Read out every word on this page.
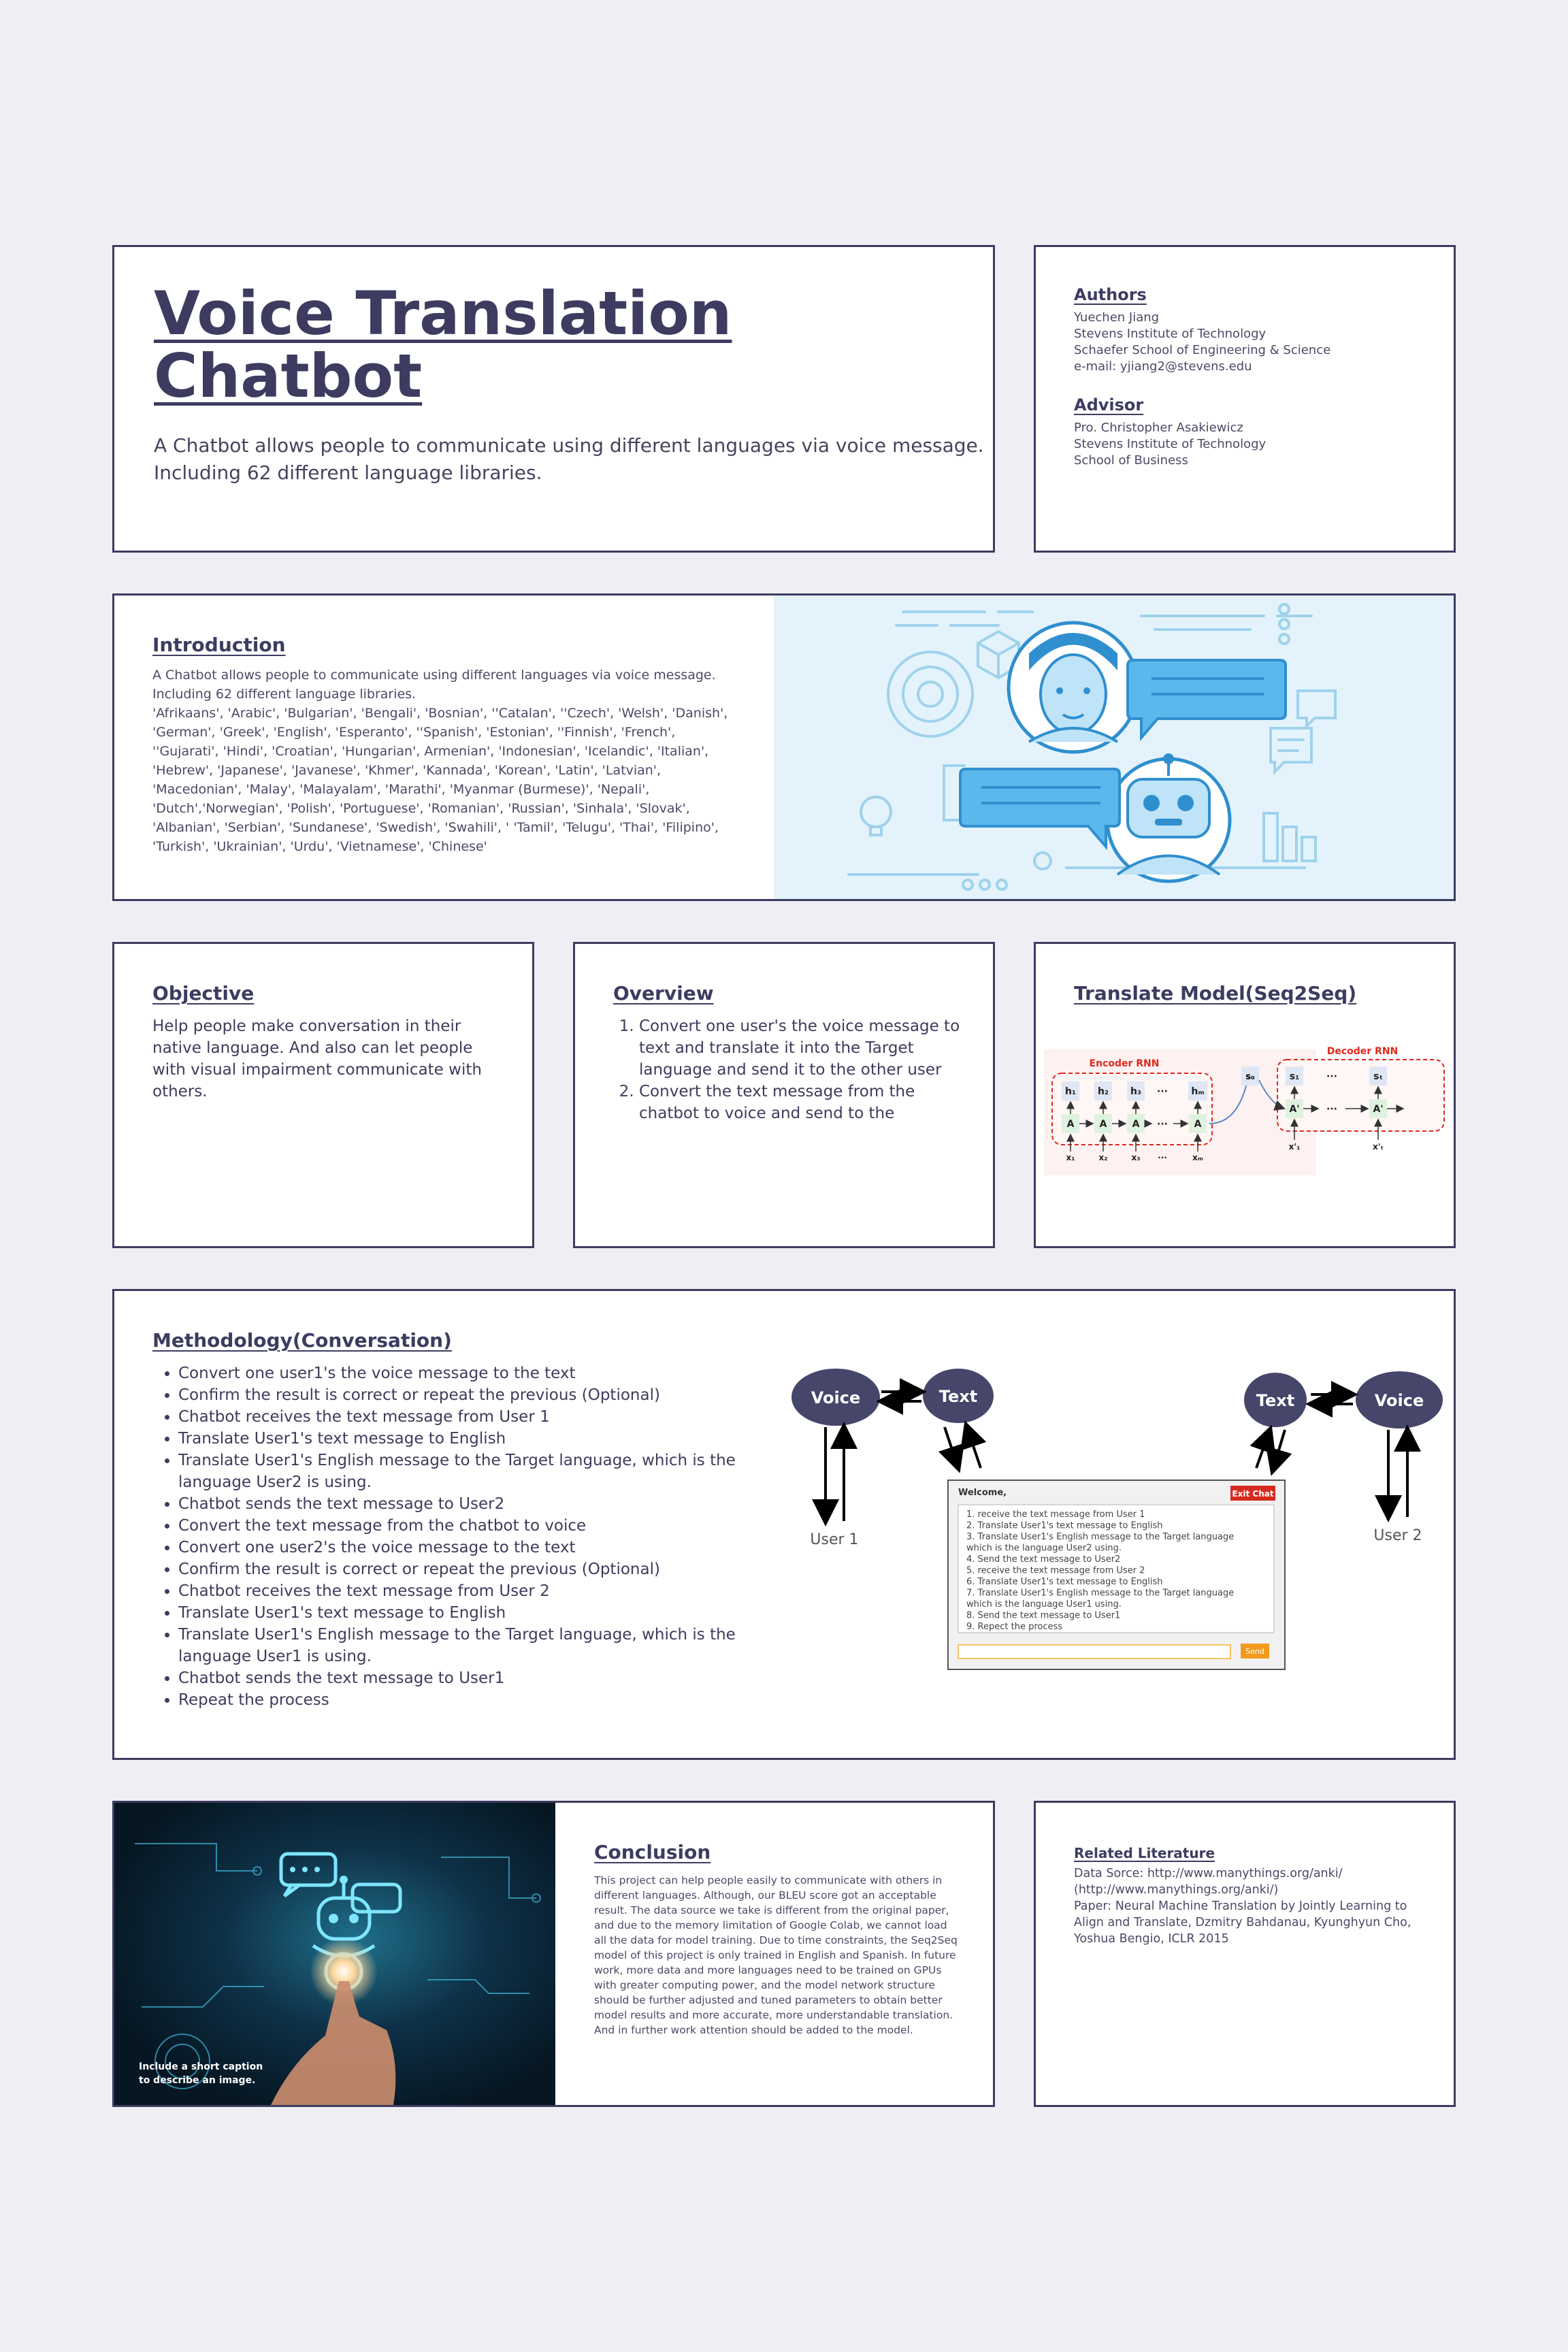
Voice Translation
Chatbot
A Chatbot allows people to communicate using different languages via voice message.
Including 62 different language libraries.
Authors
Yuechen Jiang
Stevens Institute of Technology
Schaefer School of Engineering & Science
e-mail: yjiang2@stevens.edu
Advisor
Pro. Christopher Asakiewicz
Stevens Institute of Technology
School of Business
Introduction
A Chatbot allows people to communicate using different languages via voice message.
Including 62 different language libraries.
'Afrikaans', 'Arabic', 'Bulgarian', 'Bengali', 'Bosnian', ''Catalan', ''Czech', 'Welsh', 'Danish', 'German', 'Greek', 'English', 'Esperanto', ''Spanish', 'Estonian', ''Finnish', 'French', ''Gujarati', 'Hindi', 'Croatian', 'Hungarian', Armenian', 'Indonesian', 'Icelandic', 'Italian', 'Hebrew', 'Japanese', 'Javanese', 'Khmer', 'Kannada', 'Korean', 'Latin', 'Latvian', 'Macedonian', 'Malay', 'Malayalam', 'Marathi', 'Myanmar (Burmese)', 'Nepali', 'Dutch','Norwegian', 'Polish', 'Portuguese', 'Romanian', 'Russian', 'Sinhala', 'Slovak', 'Albanian', 'Serbian', 'Sundanese', 'Swedish', 'Swahili', ' 'Tamil', 'Telugu', 'Thai', 'Filipino', 'Turkish', 'Ukrainian', 'Urdu', 'Vietnamese', 'Chinese'
Objective
Help people make conversation in their native language. And also can let people with visual impairment communicate with others.
Overview
1. Convert one user's the voice message to text and translate it into the Target language and send it to the other user
2. Convert the text message from the chatbot to voice and send to the
Translate Model(Seq2Seq)
Encoder RNN
h₁ h₂ h₃ ··· hₘ
A	A	A ···	A
x₁	x₂	x₃ ···	xₘ
s₀
Decoder RNN
s₁	···	sₜ
A'	···	A'
x'₁	x'ₜ
Methodology(Conversation)
• Convert one user1's the voice message to the text
• Confirm the result is correct or repeat the previous (Optional)
• Chatbot receives the text message from User 1
• Translate User1's text message to English
• Translate User1's English message to the Target language, which is the language User2 is using.
• Chatbot sends the text message to User2
• Convert the text message from the chatbot to voice
• Convert one user2's the voice message to the text
• Confirm the result is correct or repeat the previous (Optional)
• Chatbot receives the text message from User 2
• Translate User1's text message to English
• Translate User1's English message to the Target language, which is the language User1 is using.
• Chatbot sends the text message to User1
• Repeat the process
Voice	Text	Text	Voice
User 1	User 2
Welcome,	Exit Chat
1. receive the text message from User 1
2. Translate User1's text message to English
3. Translate User1's English message to the Target language
which is the language User2 using.
4. Send the text message to User2
5. receive the text message from User 2
6. Translate User1's text message to English
7. Translate User1's English message to the Target language
which is the language User1 using.
8. Send the text message to User1
9. Repect the process
Send
Include a short caption to describe an image.
Conclusion
This project can help people easily to communicate with others in different languages. Although, our BLEU score got an acceptable result. The data source we take is different from the original paper, and due to the memory limitation of Google Colab, we cannot load all the data for model training. Due to time constraints, the Seq2Seq model of this project is only trained in English and Spanish. In future work, more data and more languages need to be trained on GPUs with greater computing power, and the model network structure should be further adjusted and tuned parameters to obtain better model results and more accurate, more understandable translation. And in further work attention should be added to the model.
Related Literature
Data Sorce: http://www.manythings.org/anki/
(http://www.manythings.org/anki/)
Paper: Neural Machine Translation by Jointly Learning to Align and Translate, Dzmitry Bahdanau, Kyunghyun Cho, Yoshua Bengio, ICLR 2015
